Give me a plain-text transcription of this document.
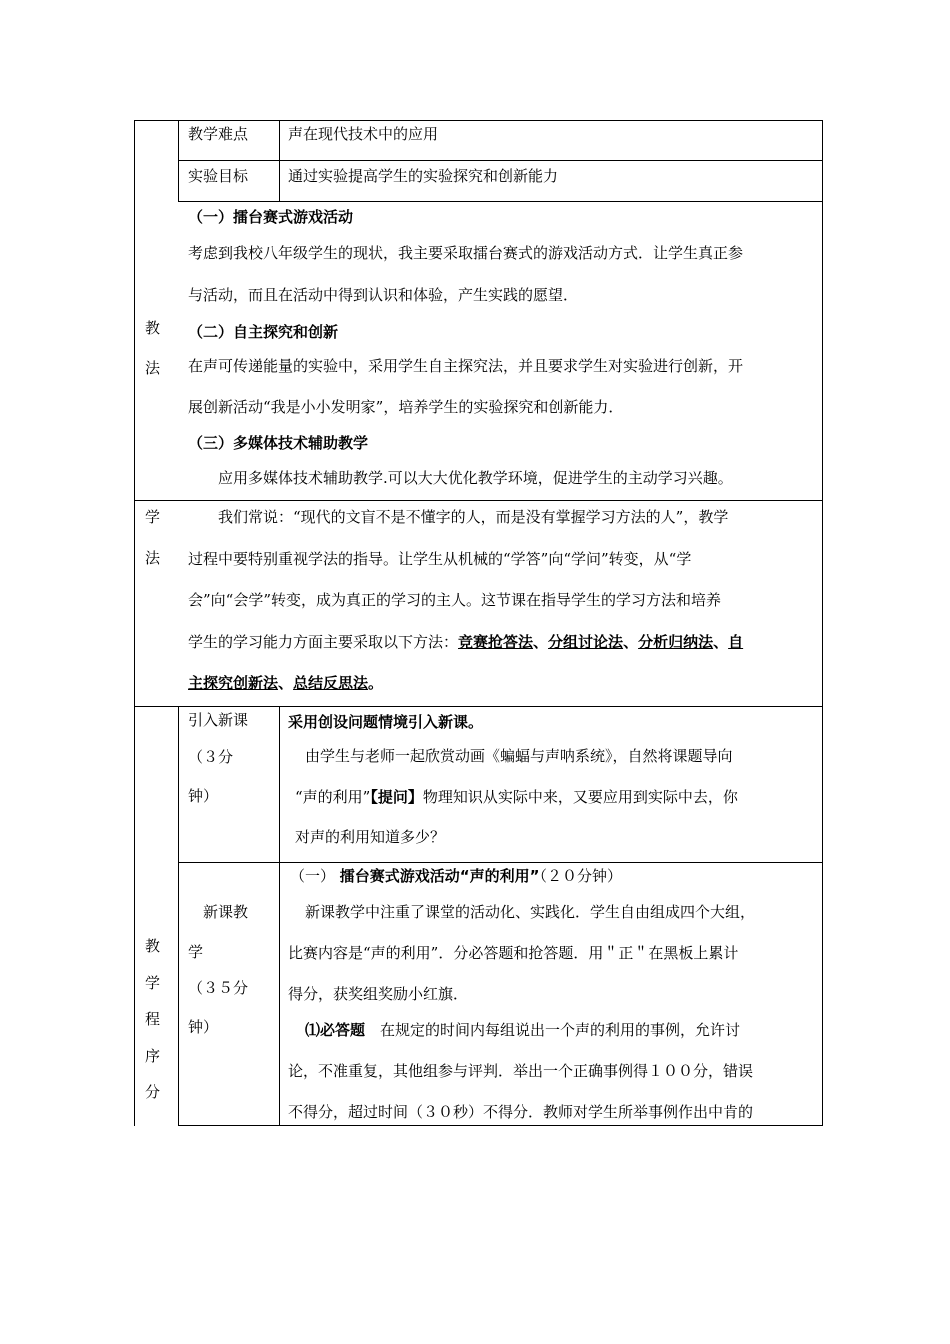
教学难点	声在现代技术中的应用
实验目标	通过实验提高学生的实验探究和创新能力
教
法
（一）擂台赛式游戏活动
考虑到我校八年级学生的现状，我主要采取擂台赛式的游戏活动方式．让学生真正参
与活动，而且在活动中得到认识和体验，产生实践的愿望．
（二）自主探究和创新
在声可传递能量的实验中，采用学生自主探究法，并且要求学生对实验进行创新，开
展创新活动“我是小小发明家”，培养学生的实验探究和创新能力．
（三）多媒体技术辅助教学
应用多媒体技术辅助教学.可以大大优化教学环境，促进学生的主动学习兴趣。
学
法
我们常说：“现代的文盲不是不懂字的人，而是没有掌握学习方法的人”，教学
过程中要特别重视学法的指导。让学生从机械的“学答”向“学问”转变，从“学
会”向“会学”转变，成为真正的学习的主人。这节课在指导学生的学习方法和培养
学生的学习能力方面主要采取以下方法：竞赛抢答法、分组讨论法、分析归纳法、自
主探究创新法、总结反思法。
教
学
程
序
分
引入新课
（３分
钟）
采用创设问题情境引入新课。
由学生与老师一起欣赏动画《蝙蝠与声呐系统》，自然将课题导向
“声的利用”【提问】物理知识从实际中来，又要应用到实际中去，你
对声的利用知道多少？
新课教
学
（３５分
钟）
（一） 擂台赛式游戏活动“声的利用”（２０分钟）
新课教学中注重了课堂的活动化、实践化．学生自由组成四个大组，
比赛内容是“声的利用”．分必答题和抢答题．用＂正＂在黑板上累计
得分，获奖组奖励小红旗．
⑴必答题　 在规定的时间内每组说出一个声的利用的事例，允许讨
论，不准重复，其他组参与评判．举出一个正确事例得１００分，错误
不得分，超过时间（３０秒）不得分．教师对学生所举事例作出中肯的
